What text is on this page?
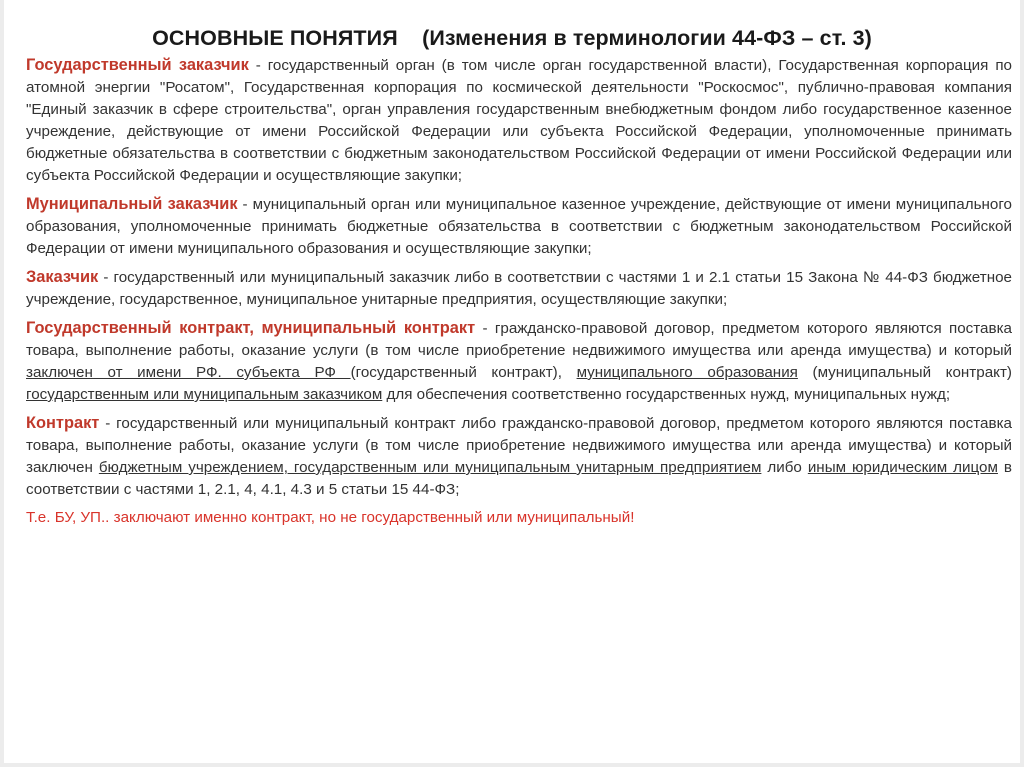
ОСНОВНЫЕ ПОНЯТИЯ    (Изменения в терминологии 44-ФЗ – ст. 3)

Государственный заказчик - государственный орган (в том числе орган государственной власти), Государственная корпорация по атомной энергии "Росатом", Государственная корпорация по космической деятельности "Роскосмос", публично-правовая компания "Единый заказчик в сфере строительства", орган управления государственным внебюджетным фондом либо государственное казенное учреждение, действующие от имени Российской Федерации или субъекта Российской Федерации, уполномоченные принимать бюджетные обязательства в соответствии с бюджетным законодательством Российской Федерации от имени Российской Федерации или субъекта Российской Федерации и осуществляющие закупки;

Муниципальный заказчик - муниципальный орган или муниципальное казенное учреждение, действующие от имени муниципального образования, уполномоченные принимать бюджетные обязательства в соответствии с бюджетным законодательством Российской Федерации от имени муниципального образования и осуществляющие закупки;

Заказчик - государственный или муниципальный заказчик либо в соответствии с частями 1 и 2.1 статьи 15 Закона № 44-ФЗ бюджетное учреждение, государственное, муниципальное унитарные предприятия, осуществляющие закупки;

Государственный контракт, муниципальный контракт - гражданско-правовой договор, предметом которого являются поставка товара, выполнение работы, оказание услуги (в том числе приобретение недвижимого имущества или аренда имущества) и который заключен от имени РФ. субъекта РФ (государственный контракт), муниципального образования (муниципальный контракт) государственным или муниципальным заказчиком для обеспечения соответственно государственных нужд, муниципальных нужд;

Контракт - государственный или муниципальный контракт либо гражданско-правовой договор, предметом которого являются поставка товара, выполнение работы, оказание услуги (в том числе приобретение недвижимого имущества или аренда имущества) и который заключен бюджетным учреждением, государственным или муниципальным унитарным предприятием либо иным юридическим лицом в соответствии с частями 1, 2.1, 4, 4.1, 4.3 и 5 статьи 15 44-ФЗ;

Т.е. БУ, УП.. заключают именно контракт, но не государственный или муниципальный!
